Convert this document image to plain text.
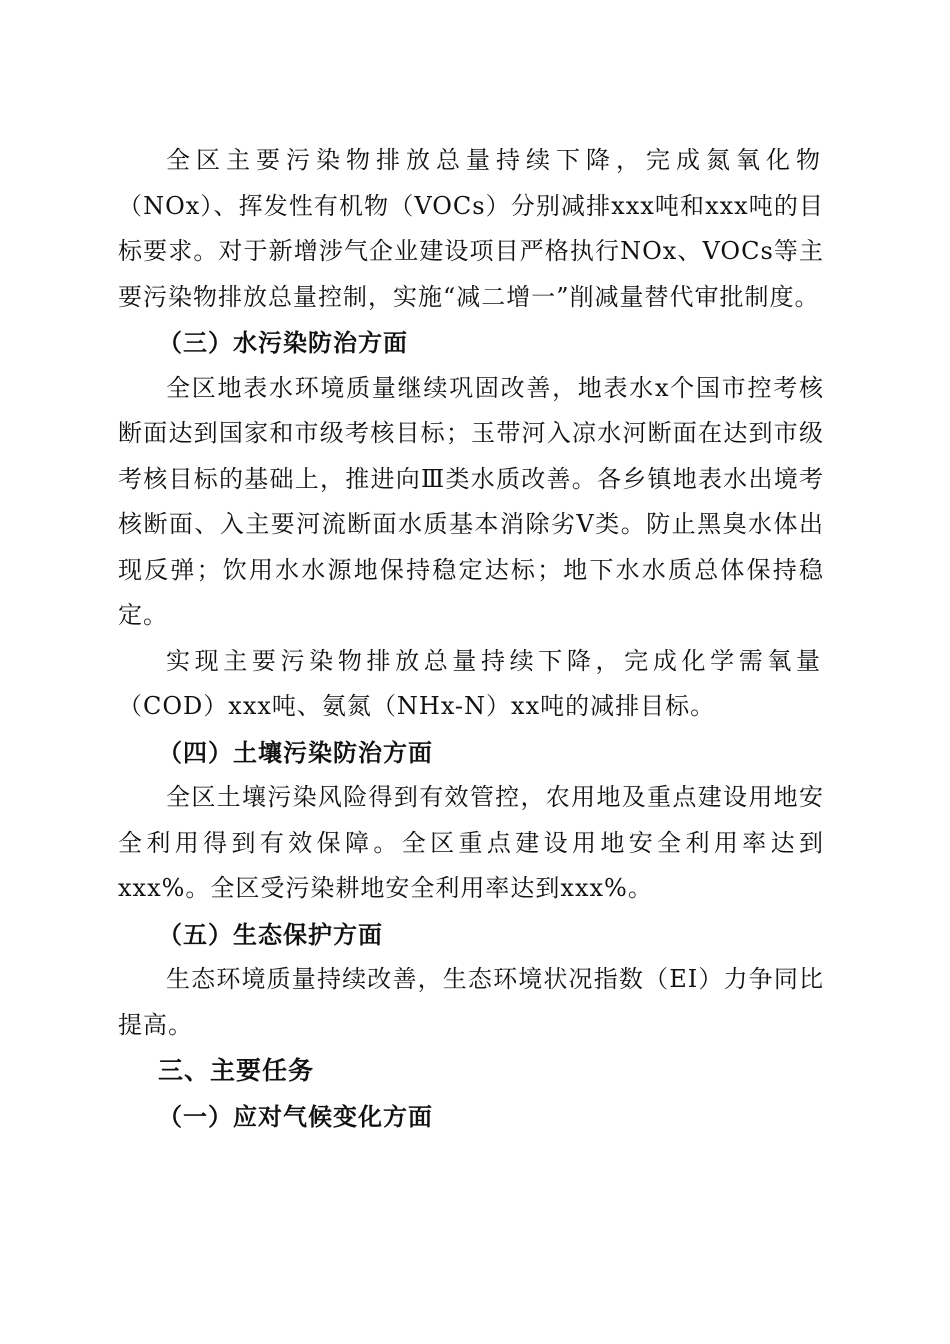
全区主要污染物排放总量持续下降，完成氮氧化物（NOx）、挥发性有机物（VOCs）分别减排xxx吨和xxx吨的目标要求。对于新增涉气企业建设项目严格执行NOx、VOCs等主要污染物排放总量控制，实施“减二增一”削减量替代审批制度。

（三）水污染防治方面

全区地表水环境质量继续巩固改善，地表水x个国市控考核断面达到国家和市级考核目标；玉带河入凉水河断面在达到市级考核目标的基础上，推进向Ⅲ类水质改善。各乡镇地表水出境考核断面、入主要河流断面水质基本消除劣Ⅴ类。防止黑臭水体出现反弹；饮用水水源地保持稳定达标；地下水水质总体保持稳定。

实现主要污染物排放总量持续下降，完成化学需氧量（COD）xxx吨、氨氮（NHx-N）xx吨的减排目标。

（四）土壤污染防治方面

全区土壤污染风险得到有效管控，农用地及重点建设用地安全利用得到有效保障。全区重点建设用地安全利用率达到xxx%。全区受污染耕地安全利用率达到xxx%。

（五）生态保护方面

生态环境质量持续改善，生态环境状况指数（EI）力争同比提高。

三、主要任务

（一）应对气候变化方面
